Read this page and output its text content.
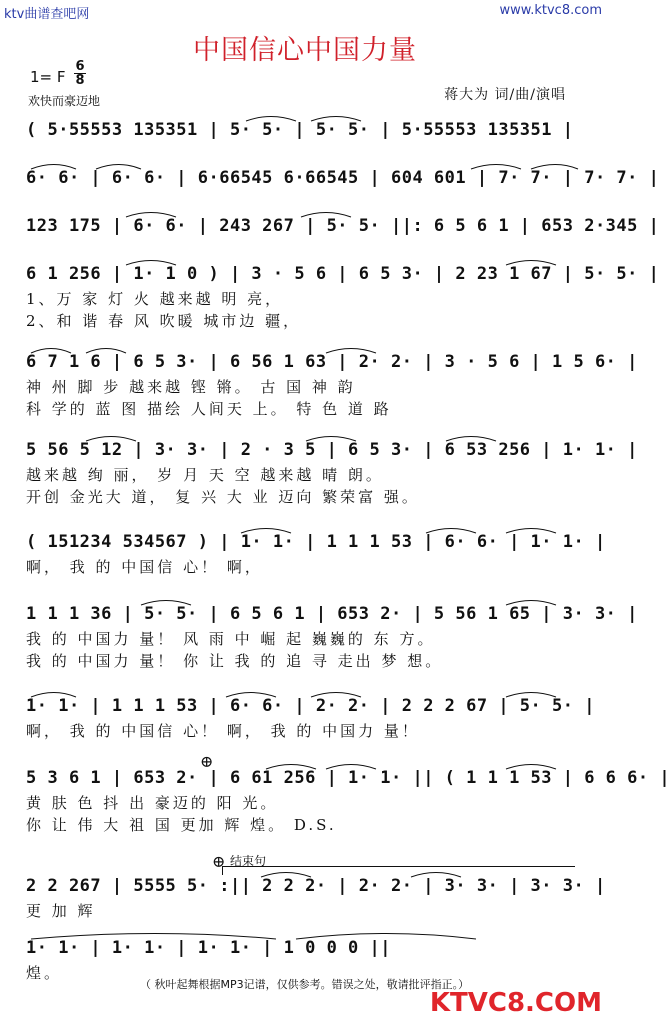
ktv曲谱查吧网	www.ktvc8.com
中国信心中国力量
1= F
6
8
欢快而豪迈地	蒋大为 词/曲/演唱
( 5·55553 135351 | 5· 5· | 5· 5· | 5·55553 135351 |
6· 6· | 6· 6· | 6·66545 6·66545 | 604 601 | 7· 7· | 7· 7· |
123 175 | 6· 6· | 243 267 | 5· 5· ||: 6 5 6 1 | 653 2·345 |
6 1 256 | 1· 1 0 ) | 3 · 5 6 | 6 5 3· | 2 23 1 67 | 5· 5· |
1、万 家 灯 火 越来越 明 亮，
2、和 谐 春 风 吹暖 城市边 疆，
6 7 1 6 | 6 5 3· | 6 56 1 63 | 2· 2· | 3 · 5 6 | 1 5 6· |
神 州 脚 步 越来越 铿 锵。 古 国 神 韵
科 学的 蓝 图 描绘 人间天 上。 特 色 道 路
5 56 5 12 | 3· 3· | 2 · 3 5 | 6 5 3· | 6 53 256 | 1· 1· |
越来越 绚 丽， 岁 月 天 空 越来越 晴 朗。
开创 金光大 道， 复 兴 大 业 迈向 繁荣富 强。
( 151234 534567 ) | 1· 1· | 1 1 1 53 | 6· 6· | 1· 1· |
啊， 我 的 中国信 心！ 啊，
1 1 1 36 | 5· 5· | 6 5 6 1 | 653 2· | 5 56 1 65 | 3· 3· |
我 的 中国力 量！ 风 雨 中 崛 起 巍巍的 东 方。
我 的 中国力 量！ 你 让 我 的 追 寻 走出 梦 想。
1· 1· | 1 1 1 53 | 6· 6· | 2· 2· | 2 2 2 67 | 5· 5· |
啊， 我 的 中国信 心！ 啊， 我 的 中国力 量！
⊕
5 3 6 1 | 653 2· | 6 61 256 | 1· 1· || ( 1 1 1 53 | 6 6 6· |
黄 肤 色 抖 出 豪迈的 阳 光。
你 让 伟 大 祖 国 更加 辉 煌。 D.S.
⊕ 结束句
2 2 267 | 5555 5· :|| 2 2 2· | 2· 2· | 3· 3· | 3· 3· |
更 加 辉
1· 1· | 1· 1· | 1· 1· | 1 0 0 0 ||
煌。
（ 秋叶起舞根据MP3记谱，仅供参考。错误之处，敬请批评指正。）
KTVC8.COM
